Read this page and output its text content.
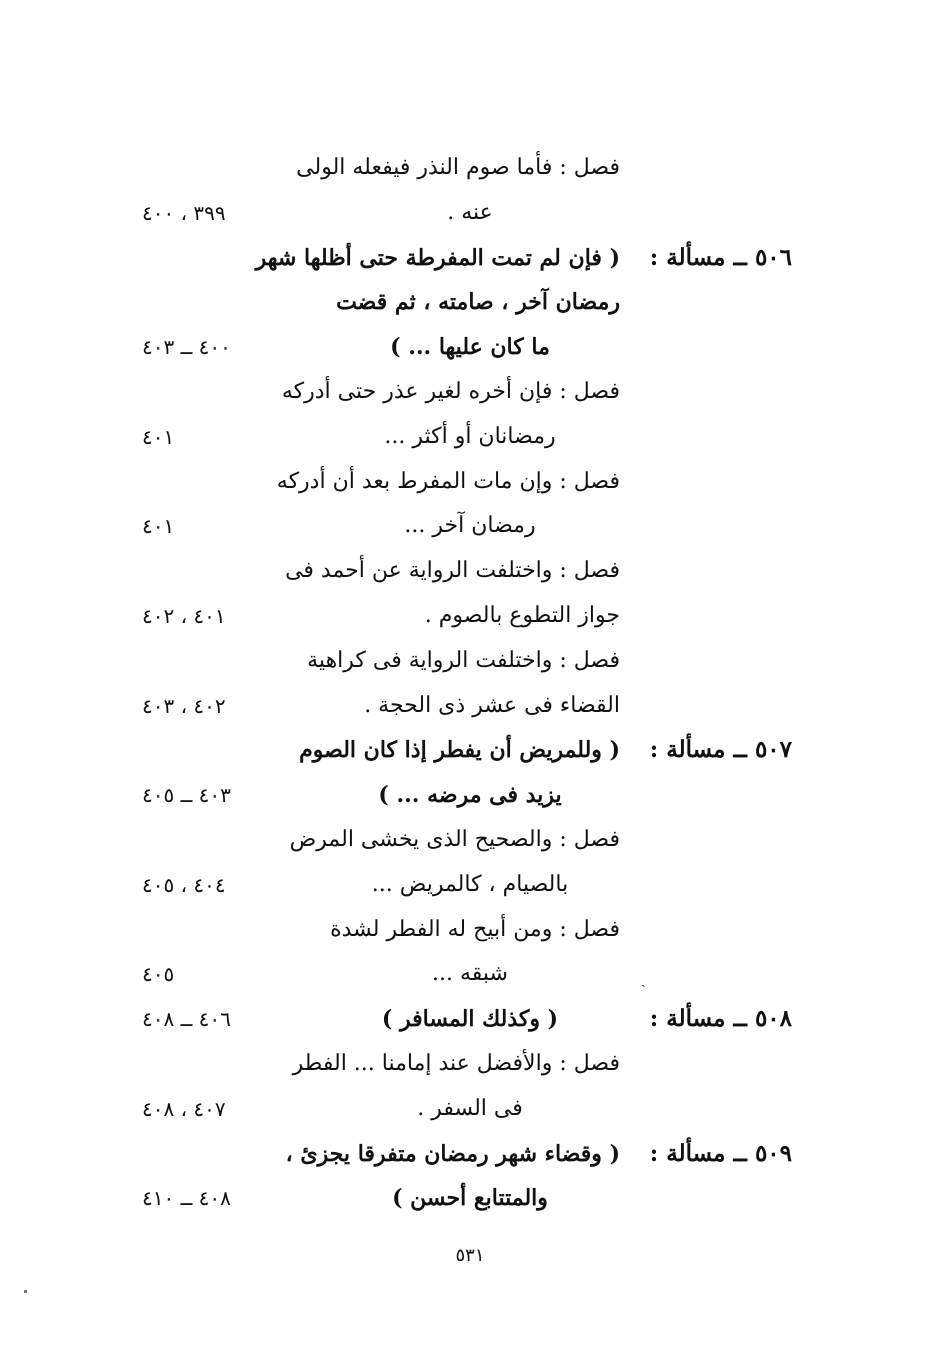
فصل : فأما صوم النذر فيفعله الولى
عنه .
٣٩٩ ، ٤٠٠
٥٠٦ ــ مسألة :
( فإن لم تمت المفرطة حتى أظلها شهر
رمضان آخر ، صامته ، ثم قضت
ما كان عليها ... )
٤٠٠ ــ ٤٠٣
فصل : فإن أخره لغير عذر حتى أدركه
رمضانان أو أكثر ...
٤٠١
فصل : وإن مات المفرط بعد أن أدركه
رمضان آخر ...
٤٠١
فصل : واختلفت الرواية عن أحمد فى
جواز التطوع بالصوم .
٤٠١ ، ٤٠٢
فصل : واختلفت الرواية فى كراهية
القضاء فى عشر ذى الحجة .
٤٠٢ ، ٤٠٣
٥٠٧ ــ مسألة :
( وللمريض أن يفطر إذا كان الصوم
يزيد فى مرضه ... )
٤٠٣ ــ ٤٠٥
فصل : والصحيح الذى يخشى المرض
بالصيام ، كالمريض ...
٤٠٤ ، ٤٠٥
فصل : ومن أبيح له الفطر لشدة
شبقه ...
٤٠٥
٥٠٨ ــ مسألة :
( وكذلك المسافر )
٤٠٦ ــ ٤٠٨
فصل : والأفضل عند إمامنا ... الفطر
فى السفر .
٤٠٧ ، ٤٠٨
٥٠٩ ــ مسألة :
( وقضاء شهر رمضان متفرقا يجزئ ،
والمتتابع أحسن )
٤٠٨ ــ ٤١٠
٥٣١
ˎ
